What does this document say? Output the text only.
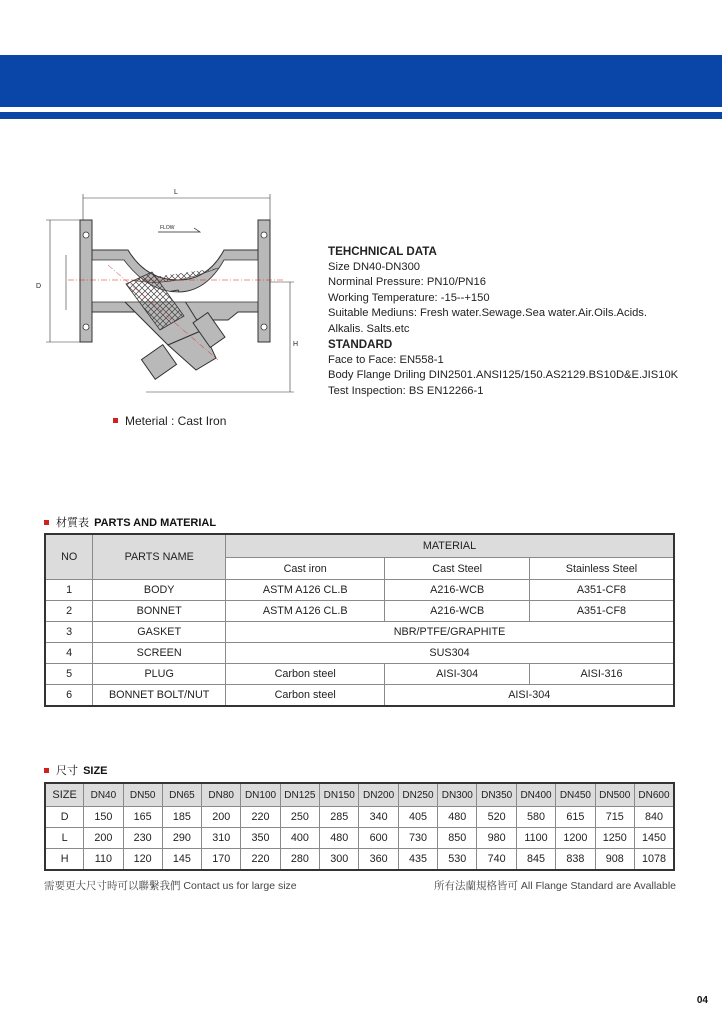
L
D
H
FLOW
TEHCHNICAL DATA
Size DN40-DN300
Norminal Pressure: PN10/PN16
Working Temperature: -15--+150
Suitable Mediuns: Fresh water.Sewage.Sea water.Air.Oils.Acids.
Alkalis. Salts.etc
STANDARD
Face to Face: EN558-1
Body Flange Driling DIN2501.ANSI125/150.AS2129.BS10D&E.JIS10K
Test Inspection: BS EN12266-1
Meterial : Cast Iron
材質表 PARTS AND MATERIAL
NO	PARTS NAME	MATERIAL		
		Cast iron	Cast Steel	Stainless Steel
1	BODY	ASTM A126 CL.B	A216-WCB	A351-CF8
2	BONNET	ASTM A126 CL.B	A216-WCB	A351-CF8
3	GASKET	NBR/PTFE/GRAPHITE		
4	SCREEN	SUS304		
5	PLUG	Carbon steel	AISI-304	AISI-316
6	BONNET BOLT/NUT	Carbon steel	AISI-304	
尺寸 SIZE
SIZE	DN40	DN50	DN65	DN80	DN100	DN125	DN150	DN200	DN250	DN300	DN350	DN400	DN450	DN500	DN600
D	150	165	185	200	220	250	285	340	405	480	520	580	615	715	840
L	200	230	290	310	350	400	480	600	730	850	980	1100	1200	1250	1450
H	110	120	145	170	220	280	300	360	435	530	740	845	838	908	1078
需要更大尺寸時可以聯繫我們 Contact us for large size	所有法蘭規格皆可 All Flange Standard are Avallable
04
